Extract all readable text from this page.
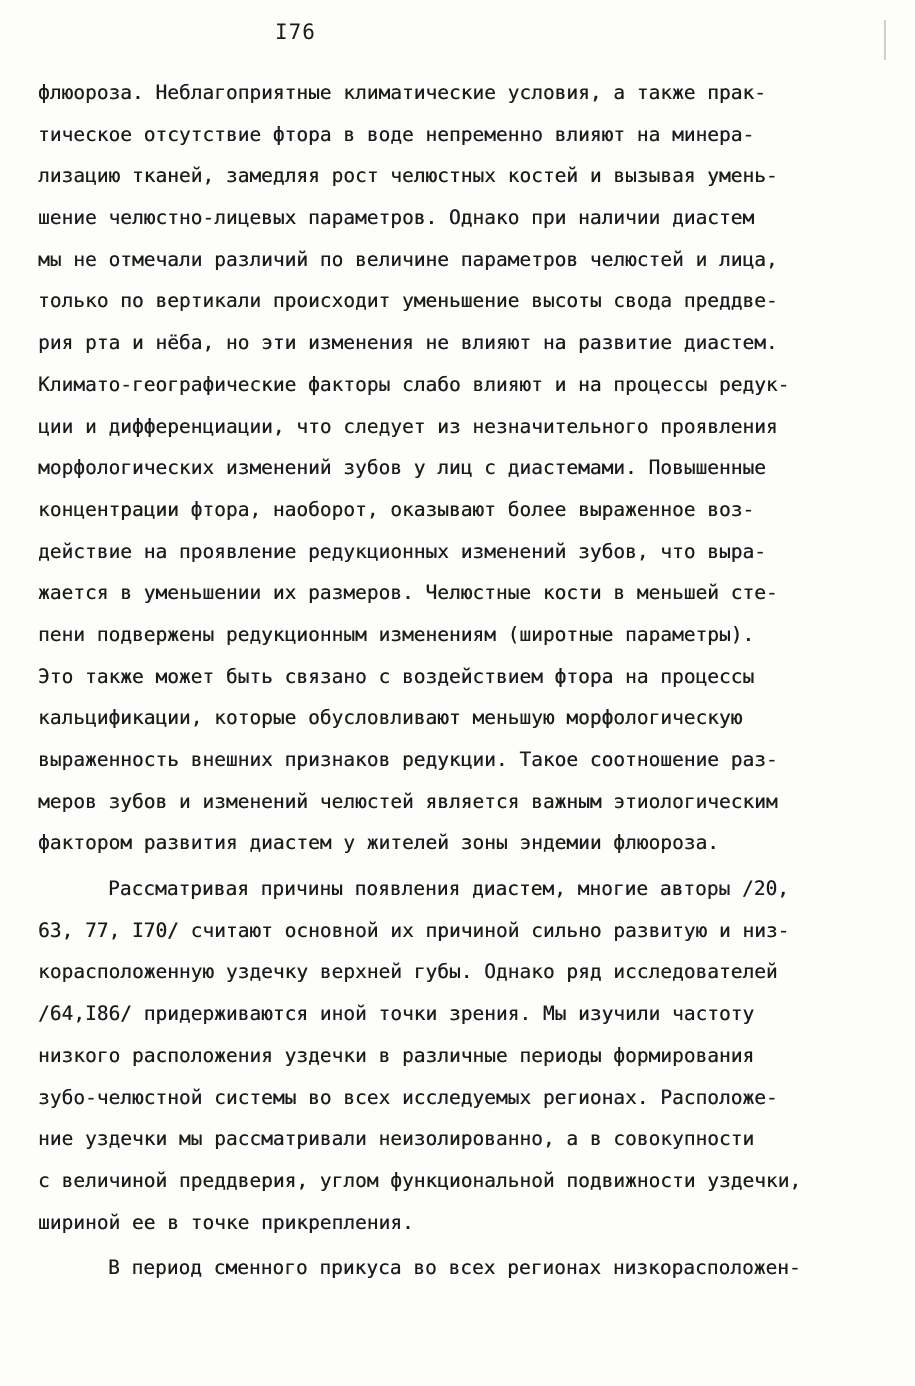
I76
флюороза. Неблагоприятные климатические условия, а также прак-
тическое отсутствие фтора в воде непременно влияют на минера-
лизацию тканей, замедляя рост челюстных костей и вызывая умень-
шение челюстно-лицевых параметров. Однако при наличии диастем
мы не отмечали различий по величине параметров челюстей и лица,
только по вертикали происходит уменьшение высоты свода преддве-
рия рта и нёба, но эти изменения не влияют на развитие диастем.
Климато-географические факторы слабо влияют и на процессы редук-
ции и дифференциации, что следует из незначительного проявления
морфологических изменений зубов у лиц с диастемами. Повышенные
концентрации фтора, наоборот, оказывают более выраженное воз-
действие на проявление редукционных изменений зубов, что выра-
жается в уменьшении их размеров. Челюстные кости в меньшей сте-
пени подвержены редукционным изменениям (широтные параметры).
Это также может быть связано с воздействием фтора на процессы
кальцификации, которые обусловливают меньшую морфологическую
выраженность внешних признаков редукции. Такое соотношение раз-
меров зубов и изменений челюстей является важным этиологическим
фактором развития диастем у жителей зоны эндемии флюороза.
Рассматривая причины появления диастем, многие авторы /20,
63, 77, I70/ считают основной их причиной сильно развитую и низ-
корасположенную уздечку верхней губы. Однако ряд исследователей
/64,I86/ придерживаются иной точки зрения. Мы изучили частоту
низкого расположения уздечки в различные периоды формирования
зубо-челюстной системы во всех исследуемых регионах. Расположе-
ние уздечки мы рассматривали неизолированно, а в совокупности
с величиной преддверия, углом функциональной подвижности уздечки,
шириной ее в точке прикрепления.
В период сменного прикуса во всех регионах низкорасположен-
